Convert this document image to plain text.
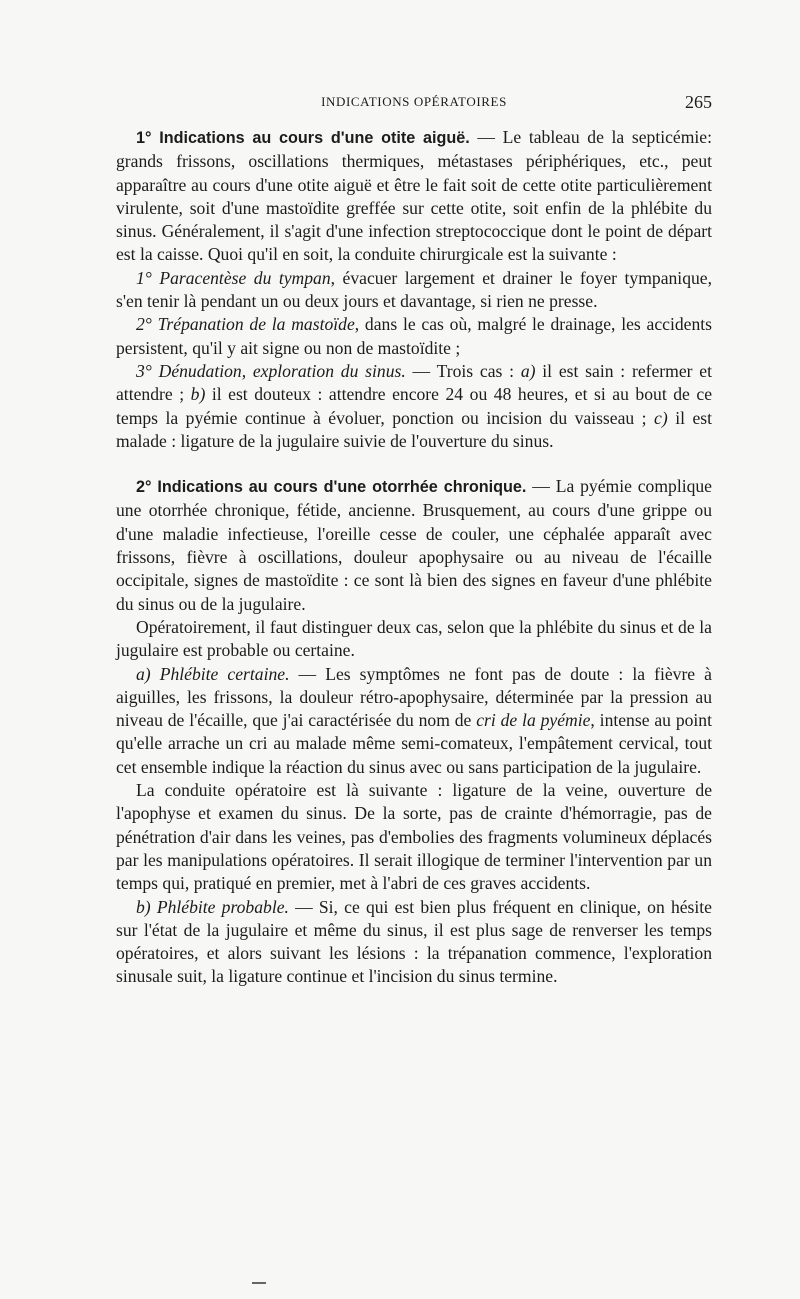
INDICATIONS OPÉRATOIRES	265

1° Indications au cours d'une otite aiguë. — Le tableau de la septicémie: grands frissons, oscillations thermiques, métastases périphériques, etc., peut apparaître au cours d'une otite aiguë et être le fait soit de cette otite particulièrement virulente, soit d'une mastoïdite greffée sur cette otite, soit enfin de la phlébite du sinus. Généralement, il s'agit d'une infection streptococcique dont le point de départ est la caisse. Quoi qu'il en soit, la conduite chirurgicale est la suivante :

1° Paracentèse du tympan, évacuer largement et drainer le foyer tympanique, s'en tenir là pendant un ou deux jours et davantage, si rien ne presse.

2° Trépanation de la mastoïde, dans le cas où, malgré le drainage, les accidents persistent, qu'il y ait signe ou non de mastoïdite ;

3° Dénudation, exploration du sinus. — Trois cas : a) il est sain : refermer et attendre ; b) il est douteux : attendre encore 24 ou 48 heures, et si au bout de ce temps la pyémie continue à évoluer, ponction ou incision du vaisseau ; c) il est malade : ligature de la jugulaire suivie de l'ouverture du sinus.

2° Indications au cours d'une otorrhée chronique. — La pyémie complique une otorrhée chronique, fétide, ancienne. Brusquement, au cours d'une grippe ou d'une maladie infectieuse, l'oreille cesse de couler, une céphalée apparaît avec frissons, fièvre à oscillations, douleur apophysaire ou au niveau de l'écaille occipitale, signes de mastoïdite : ce sont là bien des signes en faveur d'une phlébite du sinus ou de la jugulaire.

Opératoirement, il faut distinguer deux cas, selon que la phlébite du sinus et de la jugulaire est probable ou certaine.

a) Phlébite certaine. — Les symptômes ne font pas de doute : la fièvre à aiguilles, les frissons, la douleur rétro-apophysaire, déterminée par la pression au niveau de l'écaille, que j'ai caractérisée du nom de cri de la pyémie, intense au point qu'elle arrache un cri au malade même semi-comateux, l'empâtement cervical, tout cet ensemble indique la réaction du sinus avec ou sans participation de la jugulaire.

La conduite opératoire est là suivante : ligature de la veine, ouverture de l'apophyse et examen du sinus. De la sorte, pas de crainte d'hémorragie, pas de pénétration d'air dans les veines, pas d'embolies des fragments volumineux déplacés par les manipulations opératoires. Il serait illogique de terminer l'intervention par un temps qui, pratiqué en premier, met à l'abri de ces graves accidents.

b) Phlébite probable. — Si, ce qui est bien plus fréquent en clinique, on hésite sur l'état de la jugulaire et même du sinus, il est plus sage de renverser les temps opératoires, et alors suivant les lésions : la trépanation commence, l'exploration sinusale suit, la ligature continue et l'incision du sinus termine.
